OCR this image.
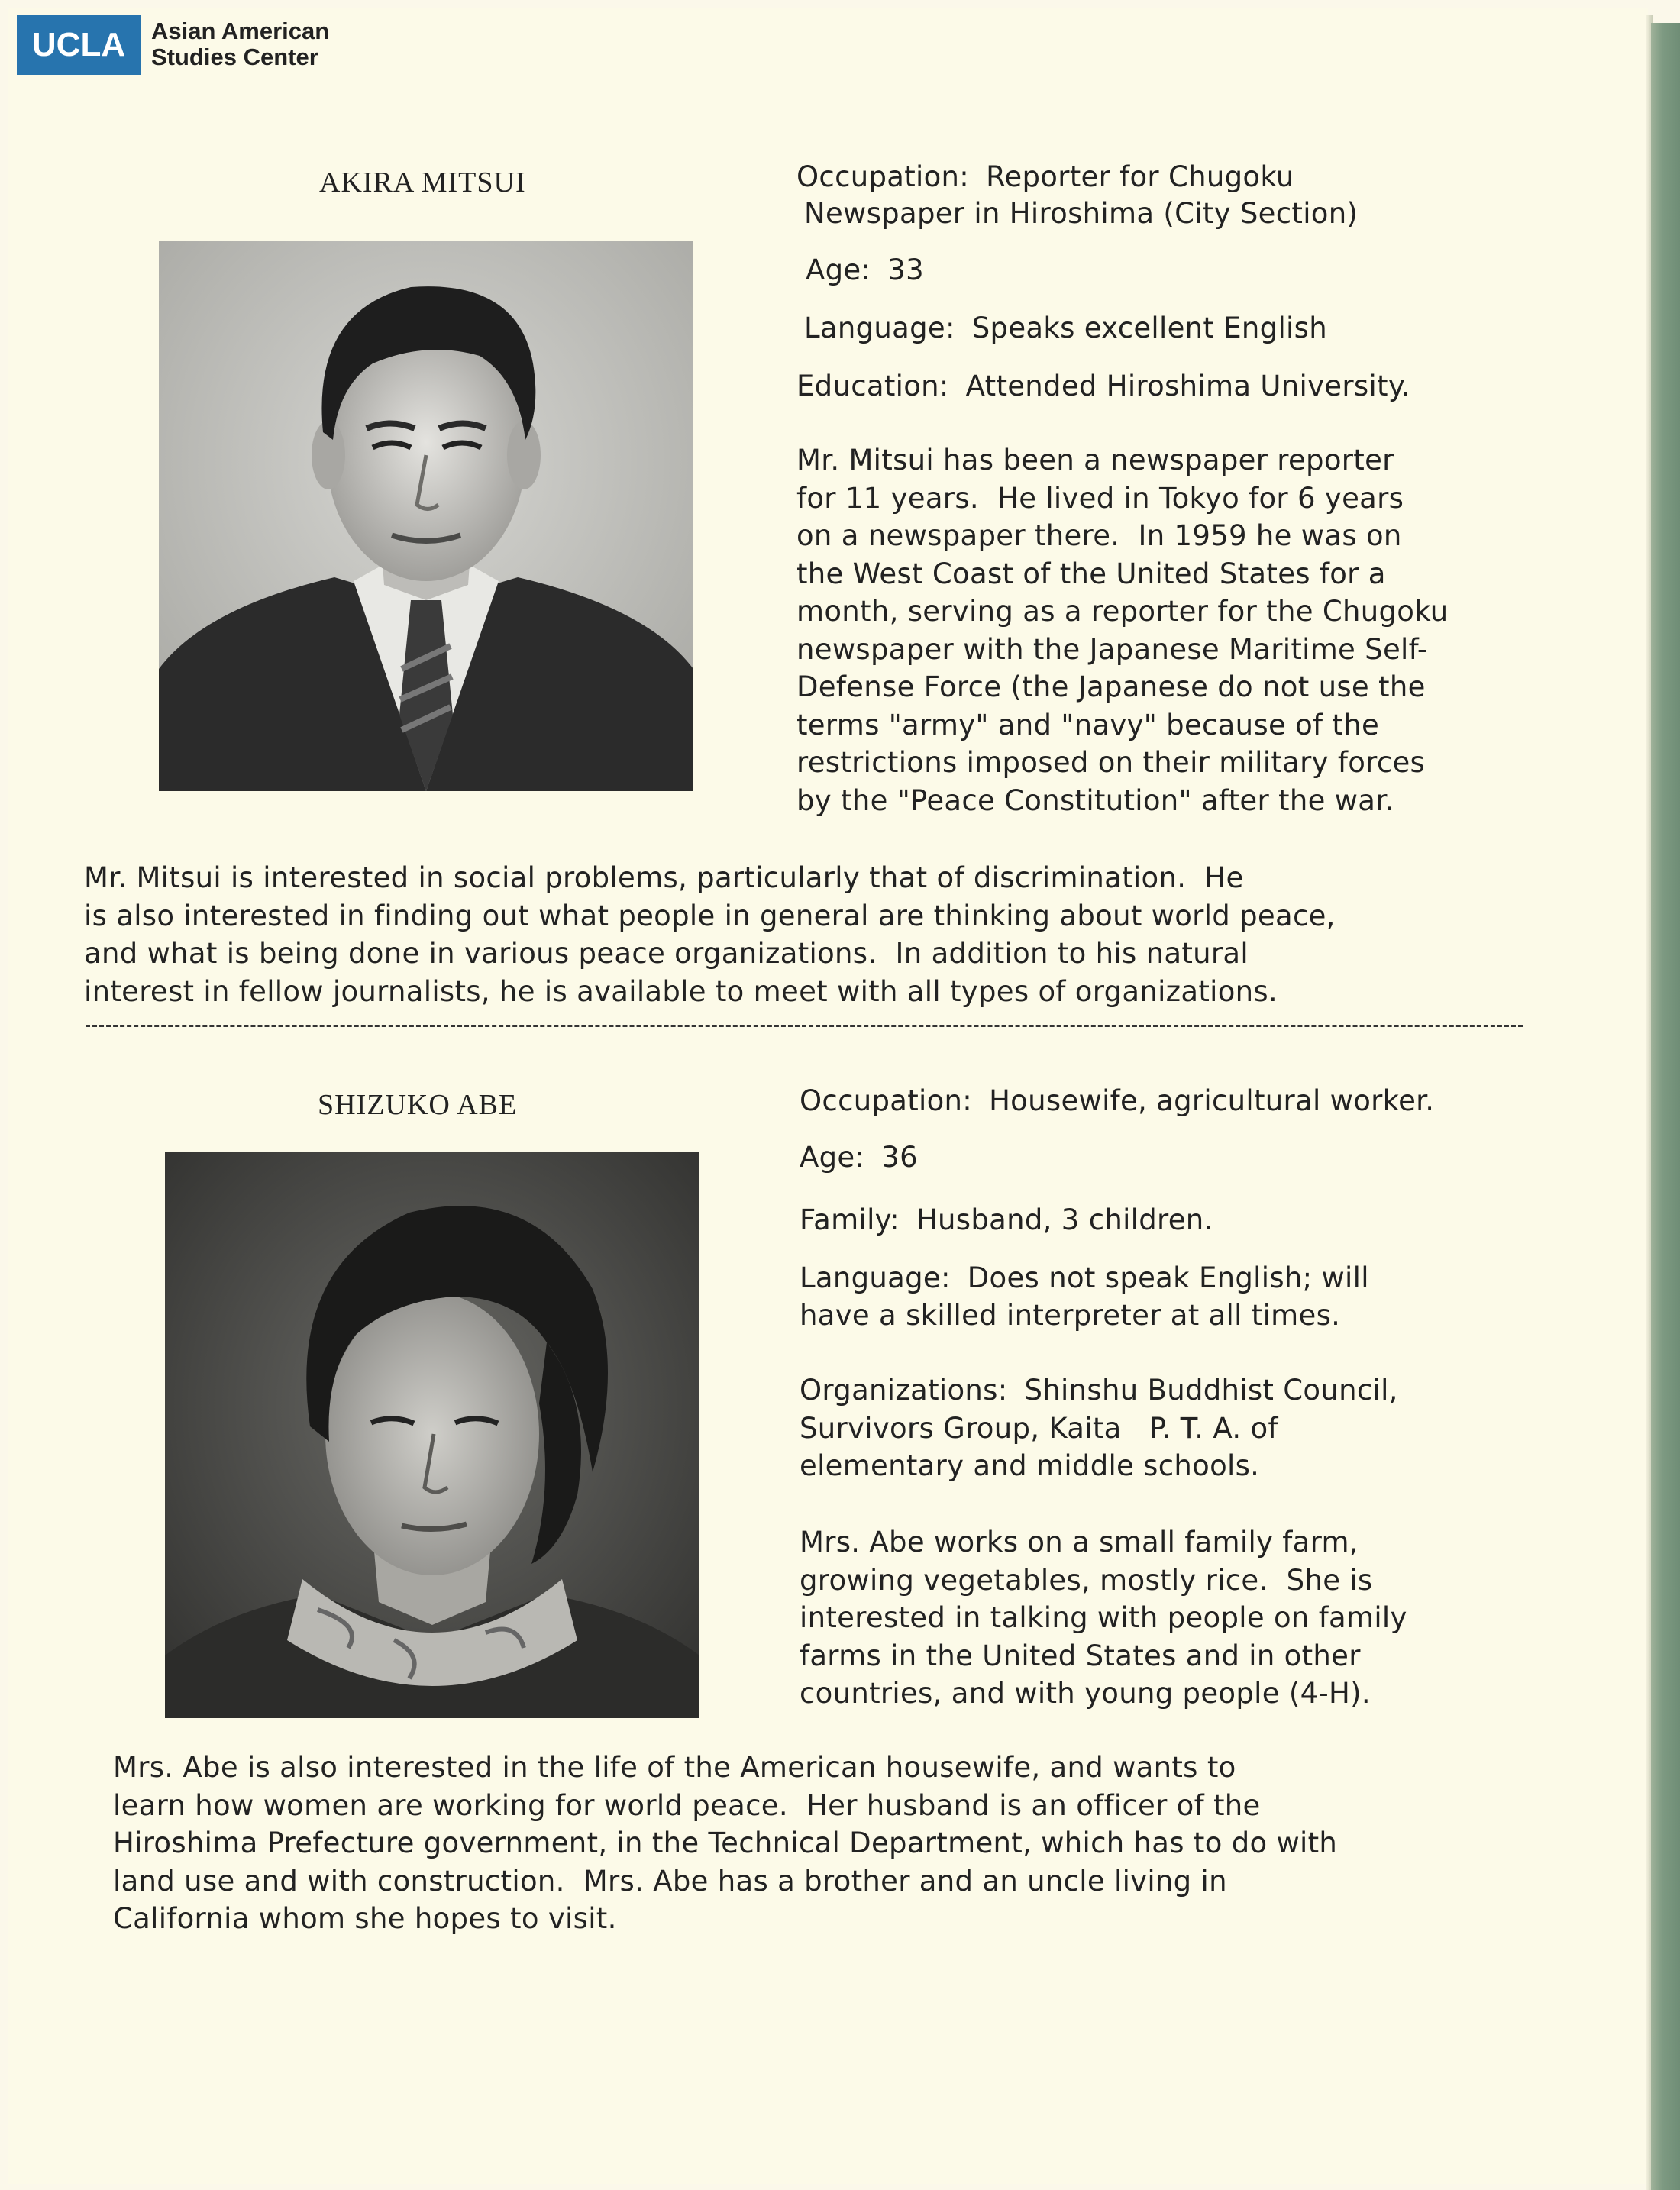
UCLA	Asian American
Studies Center
AKIRA MITSUI	Occupation: Reporter for Chugoku
Newspaper in Hiroshima (City Section)
Age: 33
Language: Speaks excellent English
Education: Attended Hiroshima University.
Mr. Mitsui has been a newspaper reporter
for 11 years.  He lived in Tokyo for 6 years
on a newspaper there.  In 1959 he was on
the West Coast of the United States for a
month, serving as a reporter for the Chugoku
newspaper with the Japanese Maritime Self-
Defense Force (the Japanese do not use the
terms "army" and "navy" because of the
restrictions imposed on their military forces
by the "Peace Constitution" after the war.
Mr. Mitsui is interested in social problems, particularly that of discrimination.  He
is also interested in finding out what people in general are thinking about world peace,
and what is being done in various peace organizations.  In addition to his natural
interest in fellow journalists, he is available to meet with all types of organizations.
SHIZUKO ABE	Occupation: Housewife, agricultural worker.
Age: 36
Family: Husband, 3 children.
Language: Does not speak English; will
have a skilled interpreter at all times.
Organizations: Shinshu Buddhist Council,
Survivors Group, Kaita   P. T. A. of
elementary and middle schools.
Mrs. Abe works on a small family farm,
growing vegetables, mostly rice.  She is
interested in talking with people on family
farms in the United States and in other
countries, and with young people (4-H).
Mrs. Abe is also interested in the life of the American housewife, and wants to
learn how women are working for world peace.  Her husband is an officer of the
Hiroshima Prefecture government, in the Technical Department, which has to do with
land use and with construction.  Mrs. Abe has a brother and an uncle living in
California whom she hopes to visit.
